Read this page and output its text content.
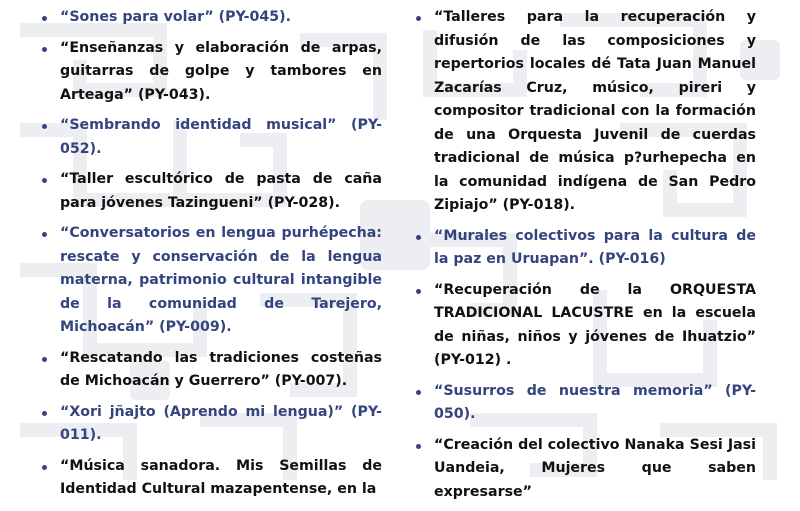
“Sones para volar” (PY-045).
“Enseñanzas y elaboración de arpas, guitarras de golpe y tambores en Arteaga” (PY-043).
“Sembrando identidad musical” (PY-052).
“Taller escultórico de pasta de caña para jóvenes Tazingueni” (PY-028).
“Conversatorios en lengua purhépecha: rescate y conservación de la lengua materna, patrimonio cultural intangible de la comunidad de Tarejero, Michoacán” (PY-009).
“Rescatando las tradiciones costeñas de Michoacán y Guerrero” (PY-007).
“Xori jñajto (Aprendo mi lengua)” (PY-011).
“Música sanadora. Mis Semillas de Identidad Cultural mazapentense, en la
“Talleres para la recuperación y difusión de las composiciones y repertorios locales dé Tata Juan Manuel Zacarías Cruz, músico, pireri y compositor tradicional con la formación de una Orquesta Juvenil de cuerdas tradicional de música p?urhepecha en la comunidad indígena de San Pedro Zipiajo” (PY-018).
“Murales colectivos para la cultura de la paz en Uruapan”. (PY-016)
“Recuperación de la ORQUESTA TRADICIONAL LACUSTRE en la escuela de niñas, niños y jóvenes de Ihuatzio” (PY-012) .
“Susurros de nuestra memoria” (PY-050).
“Creación del colectivo Nanaka Sesi Jasi Uandeia, Mujeres que saben expresarse”
